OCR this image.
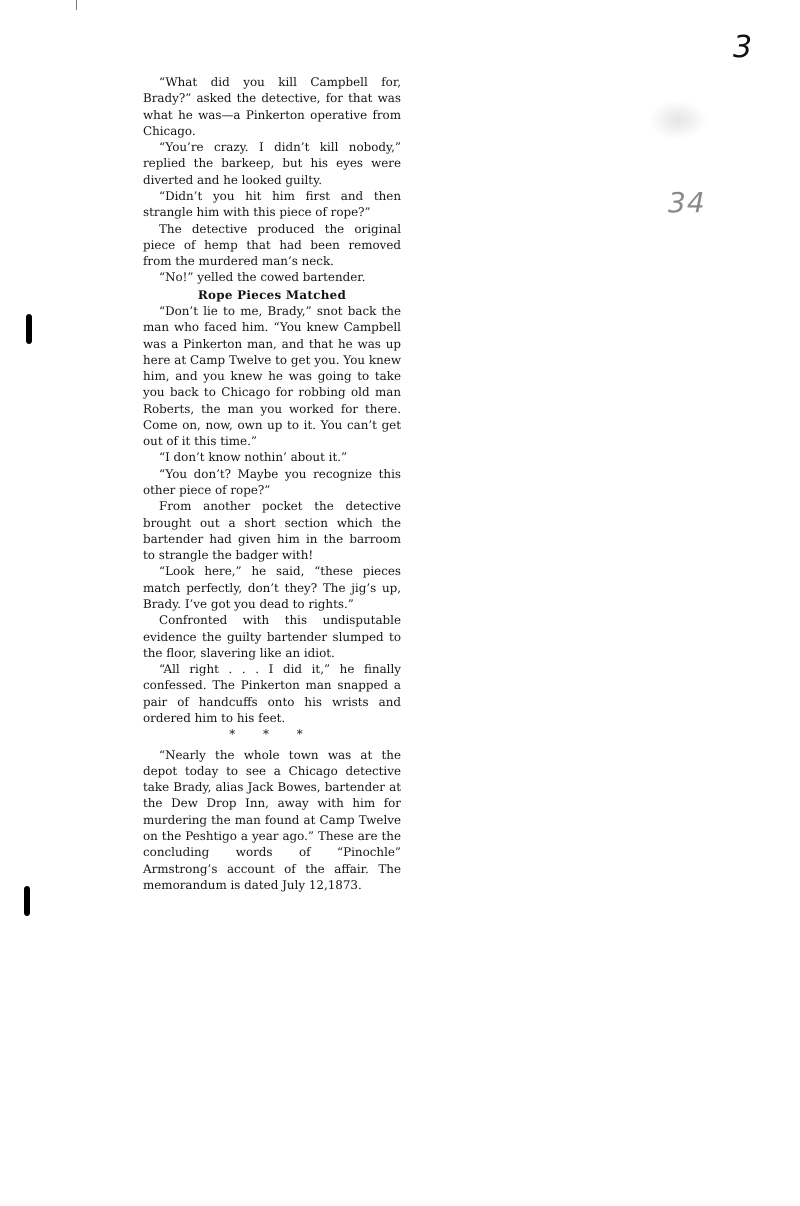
3
34

“What did you kill Campbell for, Brady?” asked the detective, for that was what he was—a Pinkerton operative from Chicago.

“You’re crazy. I didn’t kill nobody,” replied the barkeep, but his eyes were diverted and he looked guilty.

“Didn’t you hit him first and then strangle him with this piece of rope?”

The detective produced the original piece of hemp that had been removed from the murdered man’s neck.

“No!” yelled the cowed bartender.

Rope Pieces Matched

“Don’t lie to me, Brady,” snot back the man who faced him. “You knew Campbell was a Pinkerton man, and that he was up here at Camp Twelve to get you. You knew him, and you knew he was going to take you back to Chicago for robbing old man Roberts, the man you worked for there. Come on, now, own up to it. You can’t get out of it this time.”

“I don’t know nothin’ about it.”

“You don’t? Maybe you recognize this other piece of rope?”

From another pocket the detective brought out a short section which the bartender had given him in the barroom to strangle the badger with!

“Look here,” he said, “these pieces match perfectly, don’t they? The jig’s up, Brady. I’ve got you dead to rights.”

Confronted with this undisputable evidence the guilty bartender slumped to the floor, slavering like an idiot.

“All right . . . I did it,” he finally confessed. The Pinkerton man snapped a pair of handcuffs onto his wrists and ordered him to his feet.

* * *

“Nearly the whole town was at the depot today to see a Chicago detective take Brady, alias Jack Bowes, bartender at the Dew Drop Inn, away with him for murdering the man found at Camp Twelve on the Peshtigo a year ago.” These are the concluding words of “Pinochle” Armstrong’s account of the affair. The memorandum is dated July 12,1873.
